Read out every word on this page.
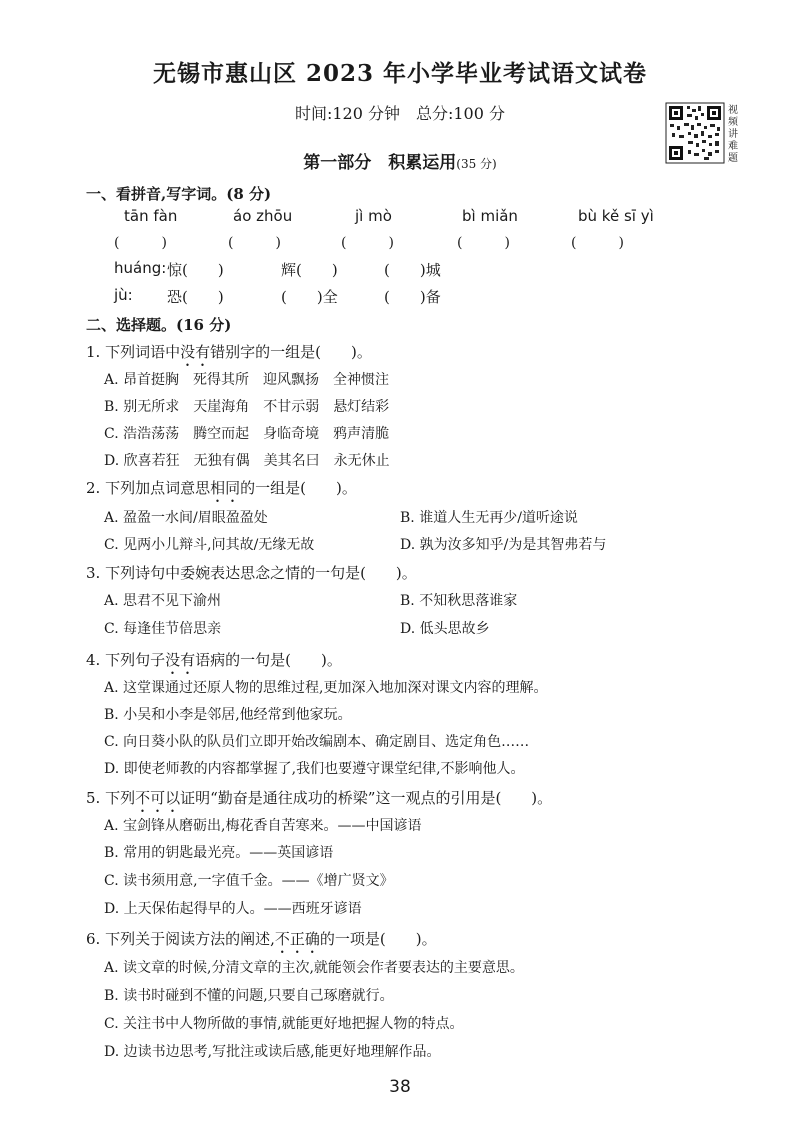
无锡市惠山区 2023 年小学毕业考试语文试卷
时间:120 分钟　总分:100 分
第一部分　积累运用(35 分)
视频讲难题
一、看拼音,写字词。(8 分)
tān fàn	áo zhōu	jì mò	bì miǎn	bù kě sī yì
(　　　)	(　　　)	(　　　)	(　　　)	(　　　)
huáng: 惊(　　)	辉(　　)	(　　)城
jù: 恐(　　)	(　　)全	(　　)备
二、选择题。(16 分)
1. 下列词语中没有错别字的一组是(　　)。
A. 昂首挺胸　死得其所　迎风飘扬　全神惯注
B. 别无所求　天崖海角　不甘示弱　悬灯结彩
C. 浩浩荡荡　腾空而起　身临奇境　鸦声清脆
D. 欣喜若狂　无独有偶　美其名曰　永无休止
2. 下列加点词意思相同的一组是(　　)。
A. 盈盈一水间/眉眼盈盈处	B. 谁道人生无再少/道听途说
C. 见两小儿辩斗,问其故/无缘无故	D. 孰为汝多知乎/为是其智弗若与
3. 下列诗句中委婉表达思念之情的一句是(　　)。
A. 思君不见下渝州	B. 不知秋思落谁家
C. 每逢佳节倍思亲	D. 低头思故乡
4. 下列句子没有语病的一句是(　　)。
A. 这堂课通过还原人物的思维过程,更加深入地加深对课文内容的理解。
B. 小吴和小李是邻居,他经常到他家玩。
C. 向日葵小队的队员们立即开始改编剧本、确定剧目、选定角色……
D. 即使老师教的内容都掌握了,我们也要遵守课堂纪律,不影响他人。
5. 下列不可以证明“勤奋是通往成功的桥梁”这一观点的引用是(　　)。
A. 宝剑锋从磨砺出,梅花香自苦寒来。——中国谚语
B. 常用的钥匙最光亮。——英国谚语
C. 读书须用意,一字值千金。——《增广贤文》
D. 上天保佑起得早的人。——西班牙谚语
6. 下列关于阅读方法的阐述,不正确的一项是(　　)。
A. 读文章的时候,分清文章的主次,就能领会作者要表达的主要意思。
B. 读书时碰到不懂的问题,只要自己琢磨就行。
C. 关注书中人物所做的事情,就能更好地把握人物的特点。
D. 边读书边思考,写批注或读后感,能更好地理解作品。
38
